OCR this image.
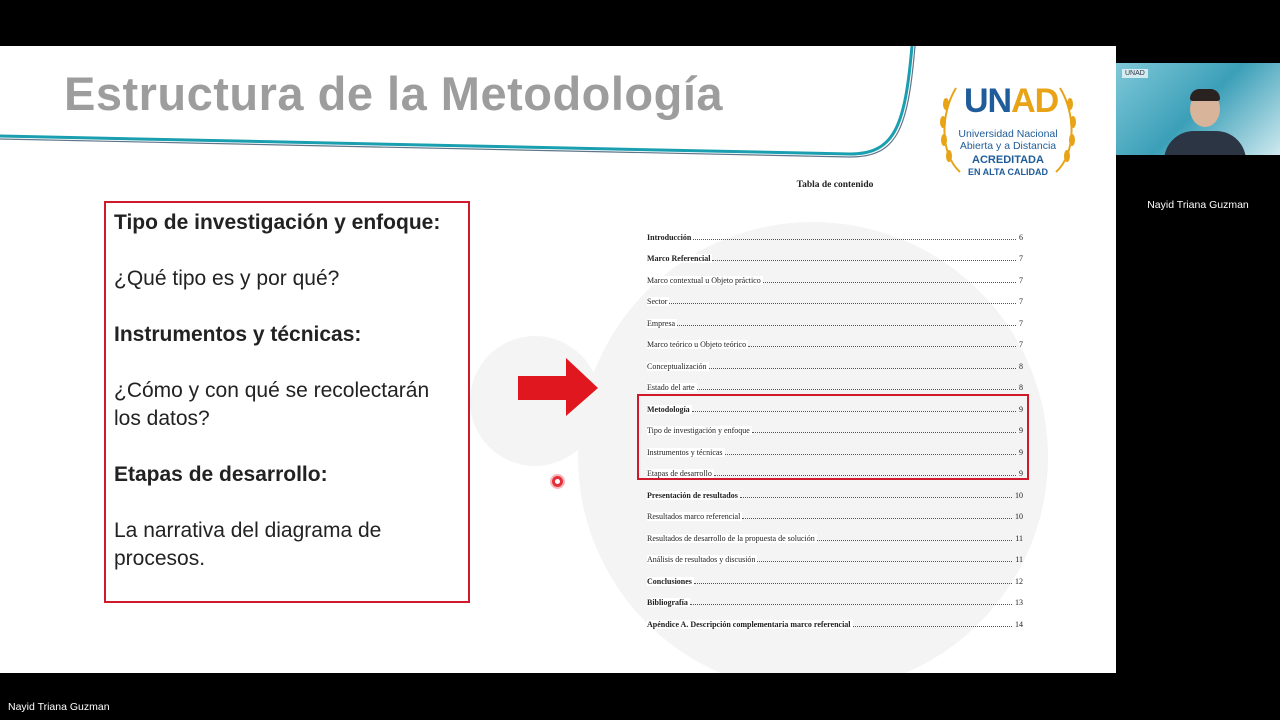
Estructura de la Metodología	UNAD
Universidad Nacional
Abierta y a Distancia
ACREDITADA
EN ALTA CALIDAD

Tipo de investigación y enfoque:

¿Qué tipo es y por qué?

Instrumentos y técnicas:

¿Cómo y con qué se recolectarán los datos?

Etapas de desarrollo:

La narrativa del diagrama de procesos.

Tabla de contenido
Introducción	6
Marco Referencial	7
Marco contextual u Objeto práctico	7
Sector	7
Empresa	7
Marco teórico u Objeto teórico	7
Conceptualización	8
Estado del arte	8
Metodología	9
Tipo de investigación y enfoque	9
Instrumentos y técnicas	9
Etapas de desarrollo	9
Presentación de resultados	10
Resultados marco referencial	10
Resultados de desarrollo de la propuesta de solución	11
Análisis de resultados y discusión	11
Conclusiones	12
Bibliografía	13
Apéndice A. Descripción complementaria marco referencial	14
UNAD
Nayid Triana Guzman
Nayid Triana Guzman
